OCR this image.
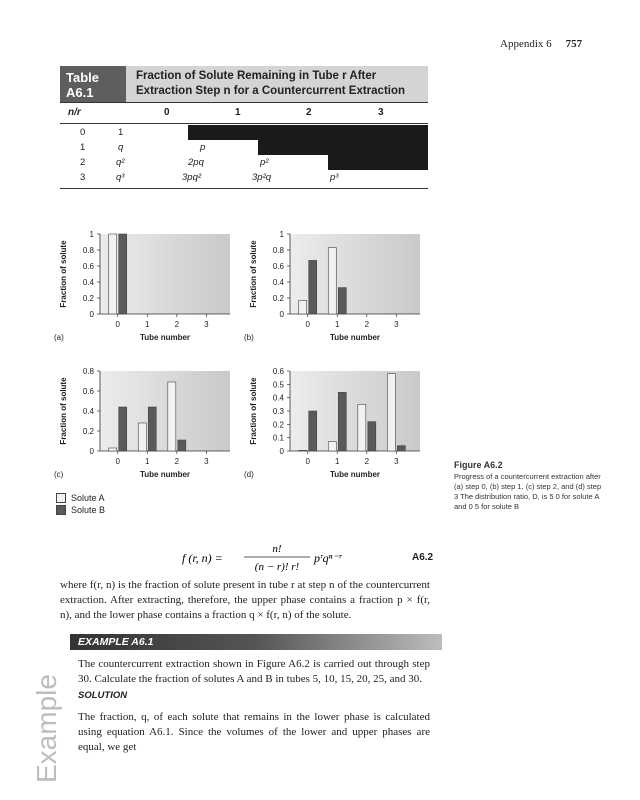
Appendix 6 757
Table A6.1
Fraction of Solute Remaining in Tube r After
Extraction Step n for a Countercurrent Extraction
n/r	0	1	2	3
0	1
1	q	p
2	q²	2pq	p²
3	q³	3pq²	3p²q	p³
0
0.2
0.4
0.6
0.8
1
0	1	2	3
Tube number
Fraction of solute
(a)
0
0.2
0.4
0.6
0.8
1
0	1	2	3
Tube number
Fraction of solute
(b)
0
0.2
0.4
0.6
0.8
0	1	2	3
Tube number
Fraction of solute
(c)
0
0.1
0.2
0.3
0.4
0.5
0.6
0	1	2	3
Tube number
Fraction of solute
(d)
Solute A
Solute B
Figure A6.2
Progress of a countercurrent extraction after (a) step 0, (b) step 1, (c) step 2, and (d) step 3 The distribution ratio, D, is 5 0 for solute A and 0 5 for solute B
f (r, n) =
n!
(n − r)! r!
pʳqⁿ⁻ʳ	A6.2
where f(r, n) is the fraction of solute present in tube r at step n of the countercurrent extraction. After extracting, therefore, the upper phase contains a fraction p × f(r, n), and the lower phase contains a fraction q × f(r, n) of the solute.
Example
EXAMPLE A6.1
The countercurrent extraction shown in Figure A6.2 is carried out through step 30. Calculate the fraction of solutes A and B in tubes 5, 10, 15, 20, 25, and 30.
SOLUTION
The fraction, q, of each solute that remains in the lower phase is calculated using equation A6.1. Since the volumes of the lower and upper phases are equal, we get
